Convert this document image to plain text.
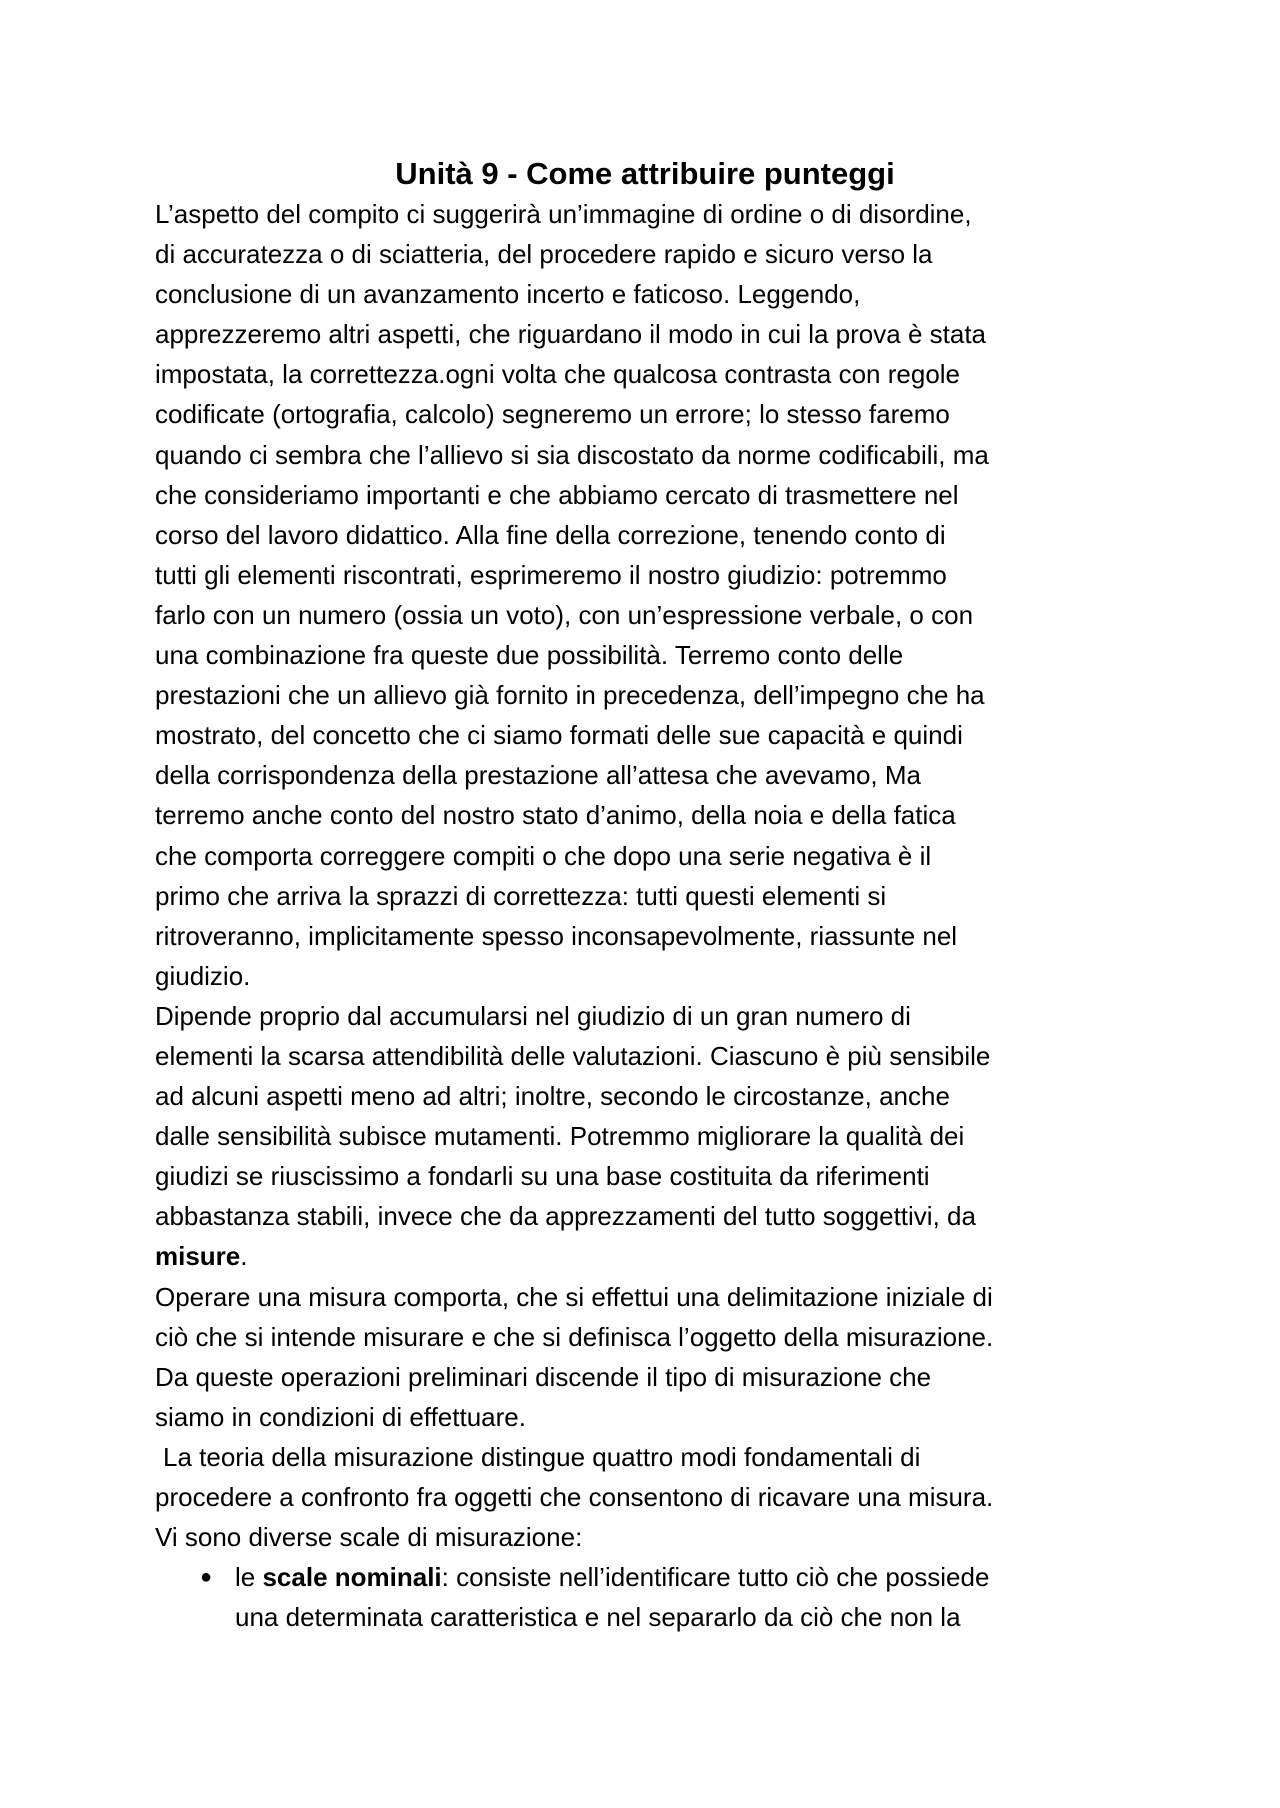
Unità 9 - Come attribuire punteggi
L’aspetto del compito ci suggerirà un’immagine di ordine o di disordine,
di accuratezza o di sciatteria, del procedere rapido e sicuro verso la
conclusione di un avanzamento incerto e faticoso. Leggendo,
apprezzeremo altri aspetti, che riguardano il modo in cui la prova è stata
impostata, la correttezza.ogni volta che qualcosa contrasta con regole
codificate (ortografia, calcolo) segneremo un errore; lo stesso faremo
quando ci sembra che l’allievo si sia discostato da norme codificabili, ma
che consideriamo importanti e che abbiamo cercato di trasmettere nel
corso del lavoro didattico. Alla fine della correzione, tenendo conto di
tutti gli elementi riscontrati, esprimeremo il nostro giudizio: potremmo
farlo con un numero (ossia un voto), con un’espressione verbale, o con
una combinazione fra queste due possibilità. Terremo conto delle
prestazioni che un allievo già fornito in precedenza, dell’impegno che ha
mostrato, del concetto che ci siamo formati delle sue capacità e quindi
della corrispondenza della prestazione all’attesa che avevamo, Ma
terremo anche conto del nostro stato d’animo, della noia e della fatica
che comporta correggere compiti o che dopo una serie negativa è il
primo che arriva la sprazzi di correttezza: tutti questi elementi si
ritroveranno, implicitamente spesso inconsapevolmente, riassunte nel
giudizio.
Dipende proprio dal accumularsi nel giudizio di un gran numero di
elementi la scarsa attendibilità delle valutazioni. Ciascuno è più sensibile
ad alcuni aspetti meno ad altri; inoltre, secondo le circostanze, anche
dalle sensibilità subisce mutamenti. Potremmo migliorare la qualità dei
giudizi se riuscissimo a fondarli su una base costituita da riferimenti
abbastanza stabili, invece che da apprezzamenti del tutto soggettivi, da
misure.
Operare una misura comporta, che si effettui una delimitazione iniziale di
ciò che si intende misurare e che si definisca l’oggetto della misurazione.
Da queste operazioni preliminari discende il tipo di misurazione che
siamo in condizioni di effettuare.
La teoria della misurazione distingue quattro modi fondamentali di
procedere a confronto fra oggetti che consentono di ricavare una misura.
Vi sono diverse scale di misurazione:
● le scale nominali: consiste nell’identificare tutto ciò che possiede
una determinata caratteristica e nel separarlo da ciò che non la
